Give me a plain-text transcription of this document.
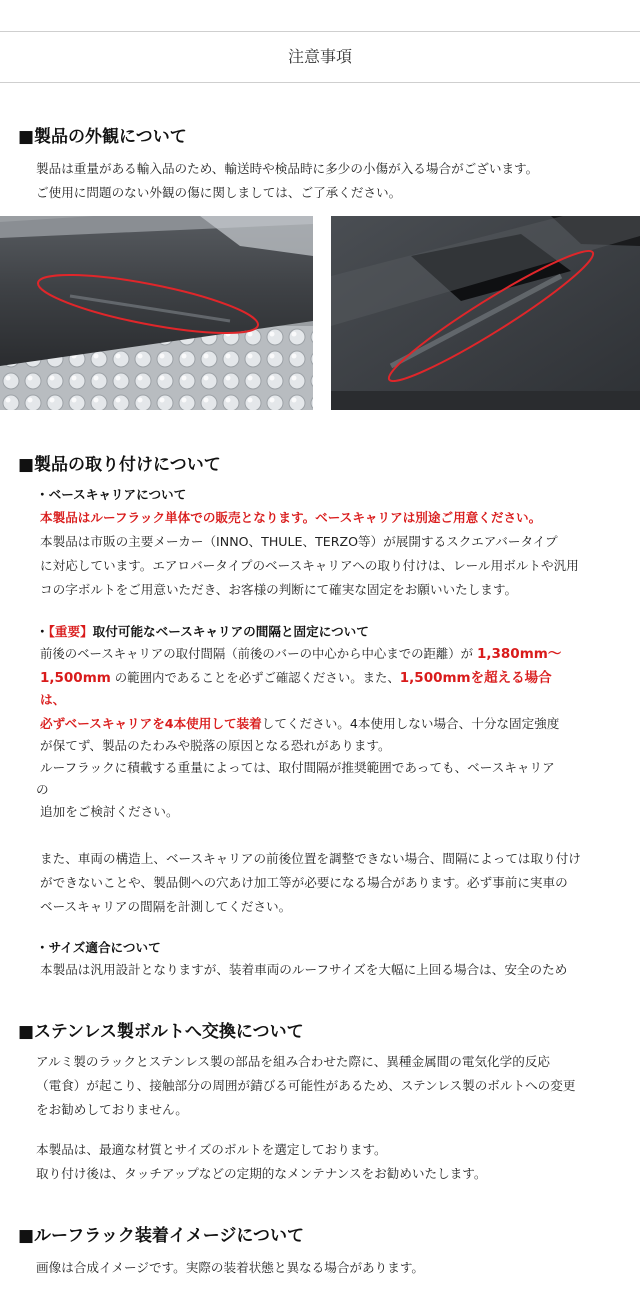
注意事項
■製品の外観について
製品は重量がある輸入品のため、輸送時や検品時に多少の小傷が入る場合がございます。
ご使用に問題のない外観の傷に関しましては、ご了承ください。
■製品の取り付けについて
・ベースキャリアについて
本製品はルーフラック単体での販売となります。ベースキャリアは別途ご用意ください。
本製品は市販の主要メーカー（INNO、THULE、TERZO等）が展開するスクエアバータイプ
に対応しています。エアロバータイプのベースキャリアへの取り付けは、レール用ボルトや汎用
コの字ボルトをご用意いただき、お客様の判断にて確実な固定をお願いいたします。
・【重要】取付可能なベースキャリアの間隔と固定について
前後のベースキャリアの取付間隔（前後のバーの中心から中心までの距離）が 1,380mm〜
1,500mm の範囲内であることを必ずご確認ください。また、1,500mmを超える場合
は、
必ずベースキャリアを4本使用して装着してください。4本使用しない場合、十分な固定強度
が保てず、製品のたわみや脱落の原因となる恐れがあります。
ルーフラックに積載する重量によっては、取付間隔が推奨範囲であっても、ベースキャリア
の
追加をご検討ください。
また、車両の構造上、ベースキャリアの前後位置を調整できない場合、間隔によっては取り付け
ができないことや、製品側への穴あけ加工等が必要になる場合があります。必ず事前に実車の
ベースキャリアの間隔を計測してください。
・サイズ適合について
本製品は汎用設計となりますが、装着車両のルーフサイズを大幅に上回る場合は、安全のため
■ステンレス製ボルトへ交換について
アルミ製のラックとステンレス製の部品を組み合わせた際に、異種金属間の電気化学的反応
（電食）が起こり、接触部分の周囲が錆びる可能性があるため、ステンレス製のボルトへの変更
をお勧めしておりません。
本製品は、最適な材質とサイズのボルトを選定しております。
取り付け後は、タッチアップなどの定期的なメンテナンスをお勧めいたします。
■ルーフラック装着イメージについて
画像は合成イメージです。実際の装着状態と異なる場合があります。
